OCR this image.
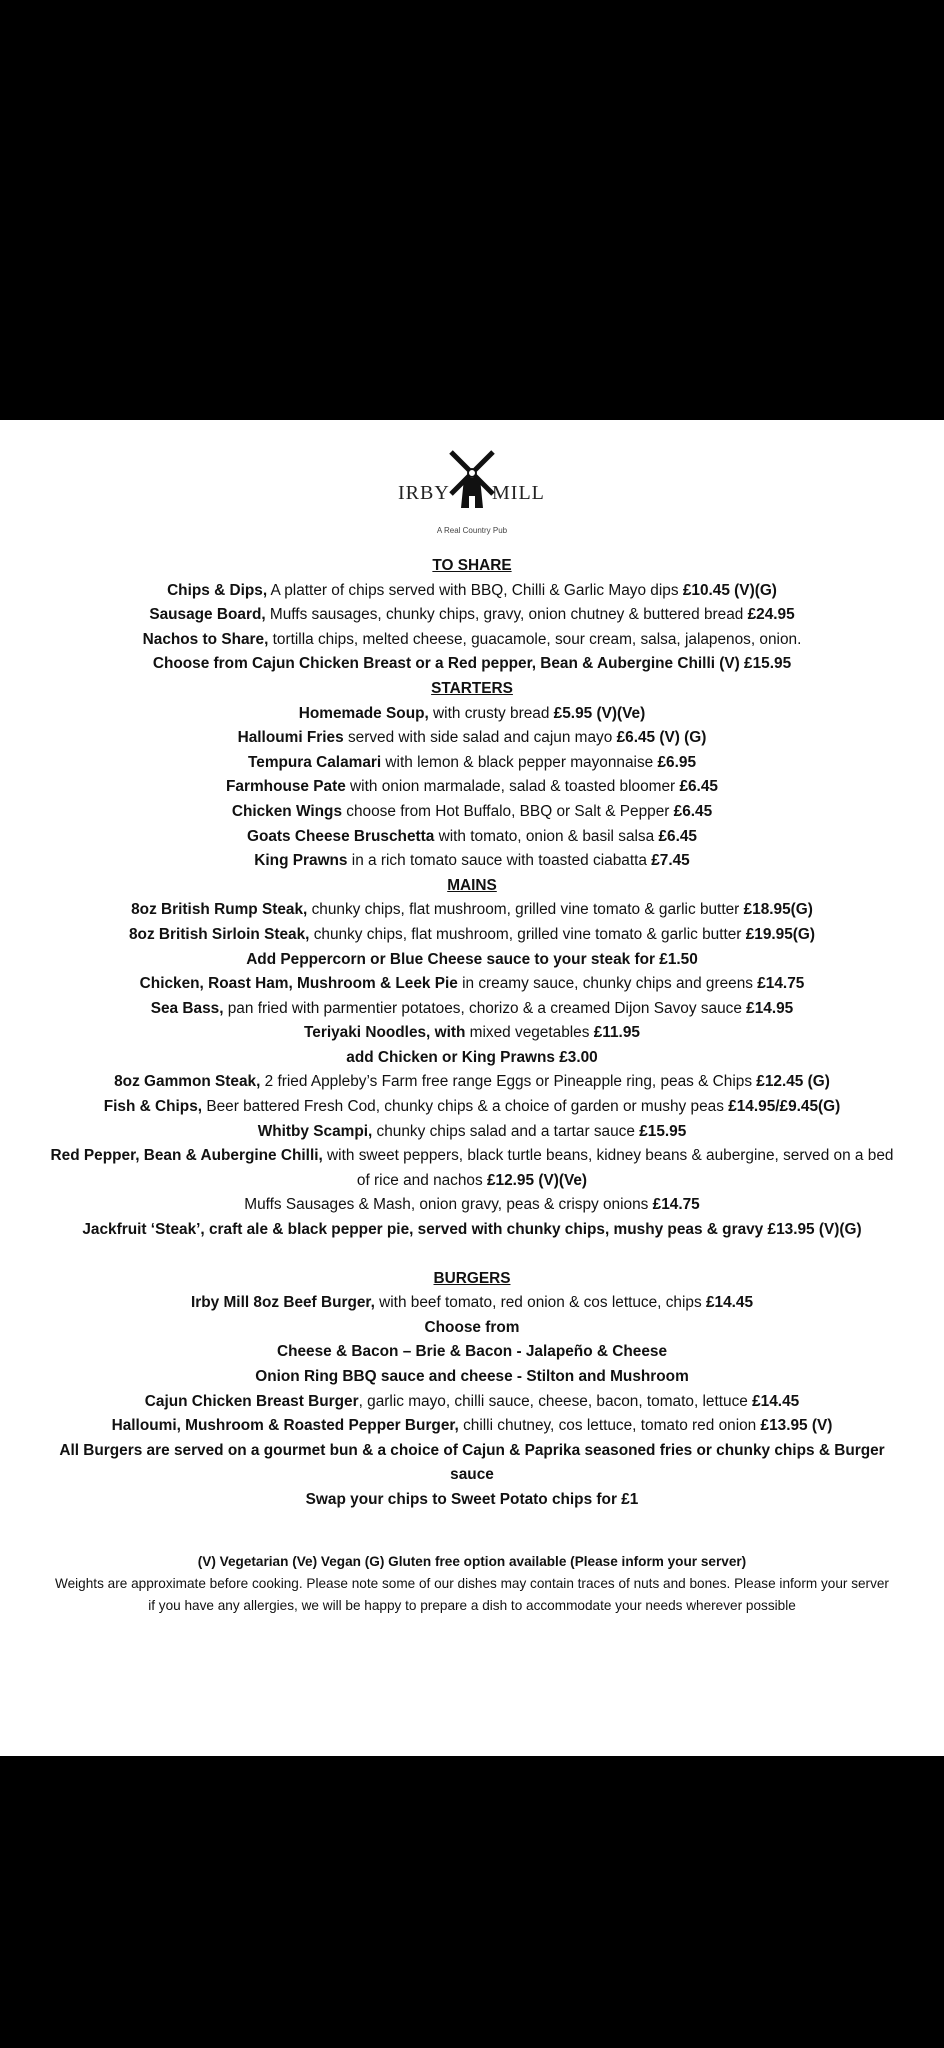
IRBY MILL
A Real Country Pub

TO SHARE

Chips & Dips, A platter of chips served with BBQ, Chilli & Garlic Mayo dips £10.45 (V)(G)

Sausage Board, Muffs sausages, chunky chips, gravy, onion chutney & buttered bread £24.95

Nachos to Share, tortilla chips, melted cheese, guacamole, sour cream, salsa, jalapenos, onion.

Choose from Cajun Chicken Breast or a Red pepper, Bean & Aubergine Chilli (V) £15.95

STARTERS

Homemade Soup, with crusty bread £5.95 (V)(Ve)

Halloumi Fries served with side salad and cajun mayo £6.45 (V) (G)

Tempura Calamari with lemon & black pepper mayonnaise £6.95

Farmhouse Pate with onion marmalade, salad & toasted bloomer £6.45

Chicken Wings choose from Hot Buffalo, BBQ or Salt & Pepper £6.45

Goats Cheese Bruschetta with tomato, onion & basil salsa £6.45

King Prawns in a rich tomato sauce with toasted ciabatta £7.45

MAINS

8oz British Rump Steak, chunky chips, flat mushroom, grilled vine tomato & garlic butter £18.95(G)

8oz British Sirloin Steak, chunky chips, flat mushroom, grilled vine tomato & garlic butter £19.95(G)

Add Peppercorn or Blue Cheese sauce to your steak for £1.50

Chicken, Roast Ham, Mushroom & Leek Pie in creamy sauce, chunky chips and greens £14.75

Sea Bass, pan fried with parmentier potatoes, chorizo & a creamed Dijon Savoy sauce £14.95

Teriyaki Noodles, with mixed vegetables £11.95

add Chicken or King Prawns £3.00

8oz Gammon Steak, 2 fried Appleby’s Farm free range Eggs or Pineapple ring, peas & Chips £12.45 (G)

Fish & Chips, Beer battered Fresh Cod, chunky chips & a choice of garden or mushy peas £14.95/£9.45(G)

Whitby Scampi, chunky chips salad and a tartar sauce £15.95

Red Pepper, Bean & Aubergine Chilli, with sweet peppers, black turtle beans, kidney beans & aubergine, served on a bed of rice and nachos £12.95 (V)(Ve)

Muffs Sausages & Mash, onion gravy, peas & crispy onions £14.75

Jackfruit ‘Steak’, craft ale & black pepper pie, served with chunky chips, mushy peas & gravy £13.95 (V)(G)

BURGERS

Irby Mill 8oz Beef Burger, with beef tomato, red onion & cos lettuce, chips £14.45

Choose from

Cheese & Bacon – Brie & Bacon - Jalapeño & Cheese

Onion Ring BBQ sauce and cheese - Stilton and Mushroom

Cajun Chicken Breast Burger, garlic mayo, chilli sauce, cheese, bacon, tomato, lettuce £14.45

Halloumi, Mushroom & Roasted Pepper Burger, chilli chutney, cos lettuce, tomato red onion £13.95 (V)

All Burgers are served on a gourmet bun & a choice of Cajun & Paprika seasoned fries or chunky chips & Burger sauce

Swap your chips to Sweet Potato chips for £1

(V) Vegetarian (Ve) Vegan (G) Gluten free option available (Please inform your server)

Weights are approximate before cooking. Please note some of our dishes may contain traces of nuts and bones. Please inform your server if you have any allergies, we will be happy to prepare a dish to accommodate your needs wherever possible
